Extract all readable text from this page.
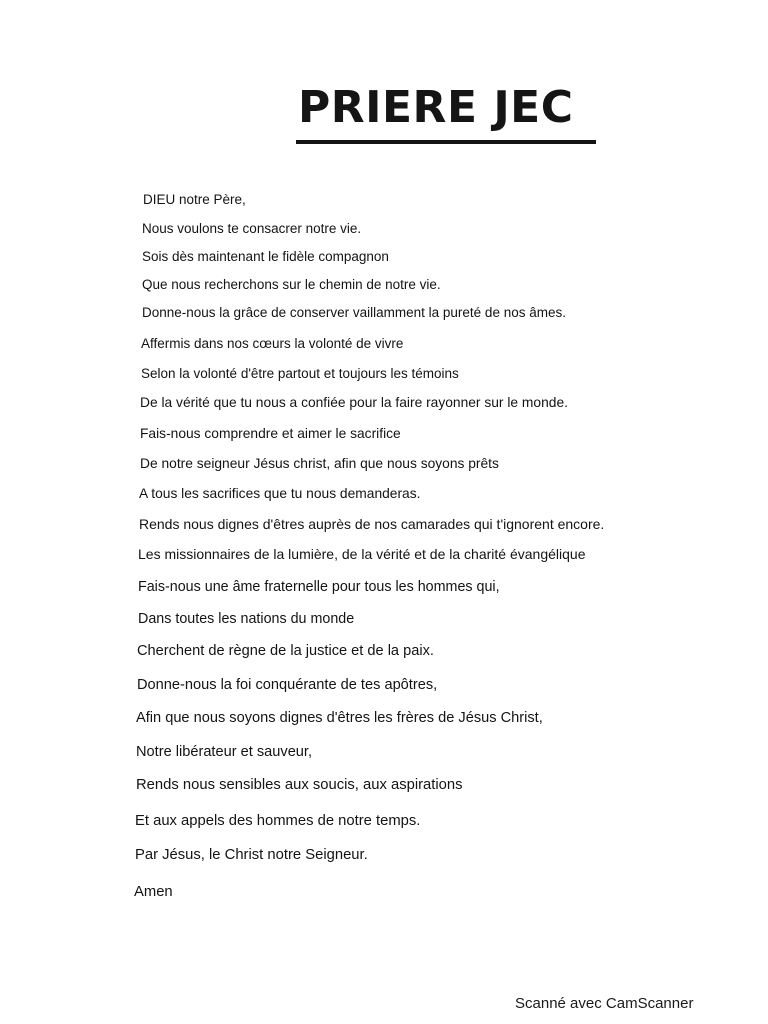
PRIERE JEC
DIEU notre Père,
Nous voulons te consacrer notre vie.
Sois dès maintenant le fidèle compagnon
Que nous recherchons sur le chemin de notre vie.
Donne-nous la grâce de conserver vaillamment la pureté de nos âmes.
Affermis dans nos cœurs la volonté de vivre
Selon la volonté d'être partout et toujours les témoins
De la vérité que tu nous a confiée pour la faire rayonner sur le monde.
Fais-nous comprendre et aimer le sacrifice
De notre seigneur Jésus christ, afin que nous soyons prêts
A tous les sacrifices que tu nous demanderas.
Rends nous dignes d'êtres auprès de nos camarades qui t'ignorent encore.
Les missionnaires de la lumière, de la vérité et de la charité évangélique
Fais-nous une âme fraternelle pour tous les hommes qui,
Dans toutes les nations du monde
Cherchent de règne de la justice et de la paix.
Donne-nous la foi conquérante de tes apôtres,
Afin que nous soyons dignes d'êtres les frères de Jésus Christ,
Notre libérateur et sauveur,
Rends nous sensibles aux soucis, aux aspirations
Et aux appels des hommes de notre temps.
Par Jésus, le Christ notre Seigneur.
Amen
Scanné avec CamScanner
